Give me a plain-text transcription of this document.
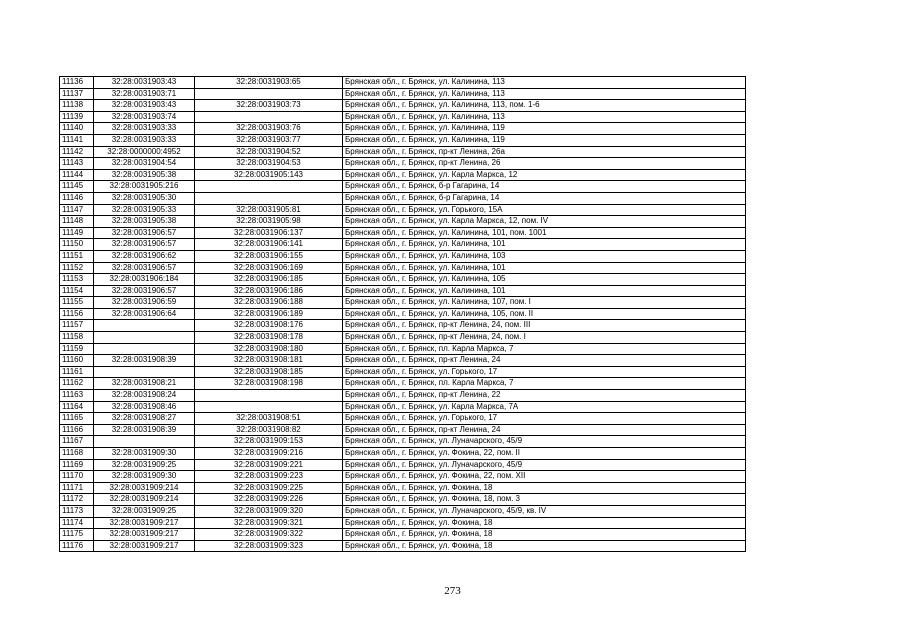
11136	32:28:0031903:43	32:28:0031903:65	Брянская обл., г. Брянск, ул. Калинина, 113
11137	32:28:0031903:71		Брянская обл., г. Брянск, ул. Калинина, 113
11138	32:28:0031903:43	32:28:0031903:73	Брянская обл., г. Брянск, ул. Калинина, 113, пом. 1-6
11139	32:28:0031903:74		Брянская обл., г. Брянск, ул. Калинина, 113
11140	32:28:0031903:33	32:28:0031903:76	Брянская обл., г. Брянск, ул. Калинина, 119
11141	32:28:0031903:33	32:28:0031903:77	Брянская обл., г. Брянск, ул. Калинина, 119
11142	32:28:0000000:4952	32:28:0031904:52	Брянская обл., г. Брянск, пр-кт Ленина, 26а
11143	32:28:0031904:54	32:28:0031904:53	Брянская обл., г. Брянск, пр-кт Ленина, 26
11144	32:28:0031905:38	32:28:0031905:143	Брянская обл., г. Брянск, ул. Карла Маркса, 12
11145	32:28:0031905:216		Брянская обл., г. Брянск, б-р Гагарина, 14
11146	32:28:0031905:30		Брянская обл., г. Брянск, б-р Гагарина, 14
11147	32:28:0031905:33	32:28:0031905:81	Брянская обл., г. Брянск, ул. Горького, 15А
11148	32:28:0031905:38	32:28:0031905:98	Брянская обл., г. Брянск, ул. Карла Маркса, 12, пом. IV
11149	32:28:0031906:57	32:28:0031906:137	Брянская обл., г. Брянск, ул. Калинина, 101, пом. 1001
11150	32:28:0031906:57	32:28:0031906:141	Брянская обл., г. Брянск, ул. Калинина, 101
11151	32:28:0031906:62	32:28:0031906:155	Брянская обл., г. Брянск, ул. Калинина, 103
11152	32:28:0031906:57	32:28:0031906:169	Брянская обл., г. Брянск, ул. Калинина, 101
11153	32:28:0031906:184	32:28:0031906:185	Брянская обл., г. Брянск, ул. Калинина, 105
11154	32:28:0031906:57	32:28:0031906:186	Брянская обл., г. Брянск, ул. Калинина, 101
11155	32:28:0031906:59	32:28:0031906:188	Брянская обл., г. Брянск, ул. Калинина, 107, пом. I
11156	32:28:0031906:64	32:28:0031906:189	Брянская обл., г. Брянск, ул. Калинина, 105, пом. II
11157		32:28:0031908:176	Брянская обл., г. Брянск, пр-кт Ленина, 24, пом. III
11158		32:28:0031908:178	Брянская обл., г. Брянск, пр-кт Ленина, 24, пом. I
11159		32:28:0031908:180	Брянская обл., г. Брянск, пл. Карла Маркса, 7
11160	32:28:0031908:39	32:28:0031908:181	Брянская обл., г. Брянск, пр-кт Ленина, 24
11161		32:28:0031908:185	Брянская обл., г. Брянск, ул. Горького, 17
11162	32:28:0031908:21	32:28:0031908:198	Брянская обл., г. Брянск, пл. Карла Маркса, 7
11163	32:28:0031908:24		Брянская обл., г. Брянск, пр-кт Ленина, 22
11164	32:28:0031908:46		Брянская обл., г. Брянск, ул. Карла Маркса, 7А
11165	32:28:0031908:27	32:28:0031908:51	Брянская обл., г. Брянск, ул. Горького, 17
11166	32:28:0031908:39	32:28:0031908:82	Брянская обл., г. Брянск, пр-кт Ленина, 24
11167		32:28:0031909:153	Брянская обл., г. Брянск, ул. Луначарского, 45/9
11168	32:28:0031909:30	32:28:0031909:216	Брянская обл., г. Брянск, ул. Фокина, 22, пом. II
11169	32:28:0031909:25	32:28:0031909:221	Брянская обл., г. Брянск, ул. Луначарского, 45/9
11170	32:28:0031909:30	32:28:0031909:223	Брянская обл., г. Брянск, ул. Фокина, 22, пом. XII
11171	32:28:0031909:214	32:28:0031909:225	Брянская обл., г. Брянск, ул. Фокина, 18
11172	32:28:0031909:214	32:28:0031909:226	Брянская обл., г. Брянск, ул. Фокина, 18, пом. 3
11173	32:28:0031909:25	32:28:0031909:320	Брянская обл., г. Брянск, ул. Луначарского, 45/9, кв. IV
11174	32:28:0031909:217	32:28:0031909:321	Брянская обл., г. Брянск, ул. Фокина, 18
11175	32:28:0031909:217	32:28:0031909:322	Брянская обл., г. Брянск, ул. Фокина, 18
11176	32:28:0031909:217	32:28:0031909:323	Брянская обл., г. Брянск, ул. Фокина, 18
273
